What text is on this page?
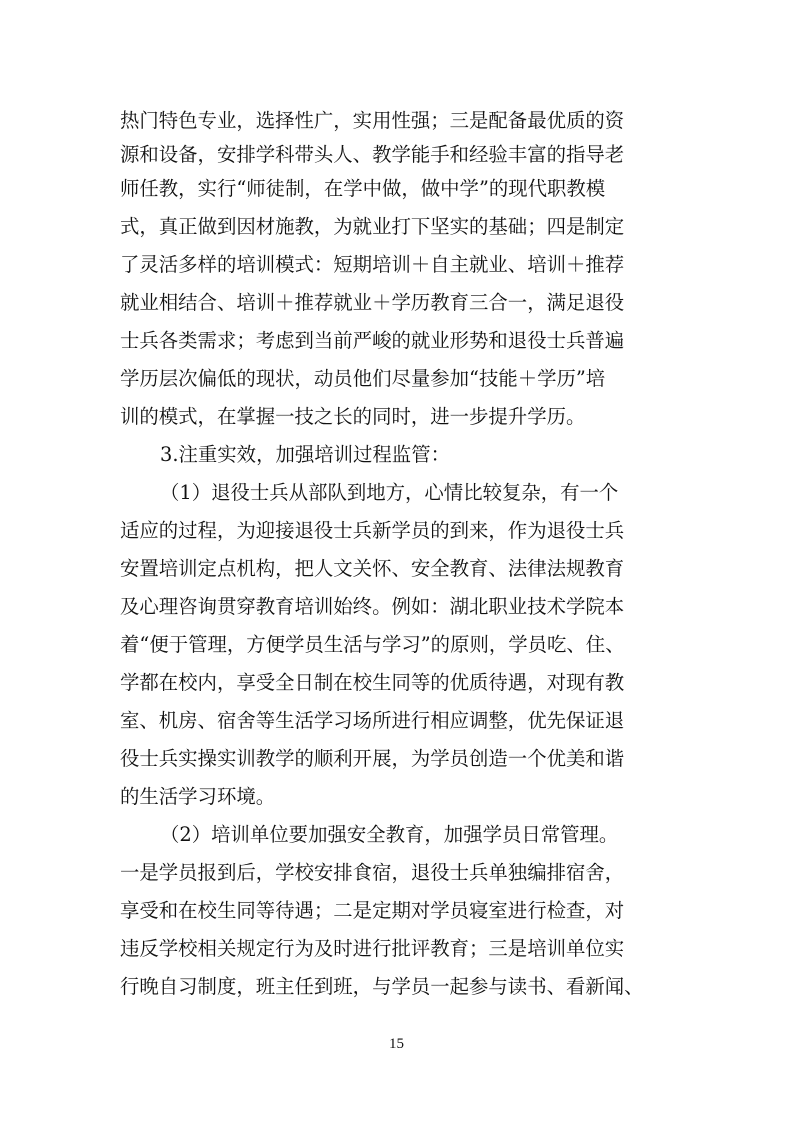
热门特色专业，选择性广，实用性强；三是配备最优质的资
源和设备，安排学科带头人、教学能手和经验丰富的指导老
师任教，实行“师徒制，在学中做，做中学”的现代职教模
式，真正做到因材施教，为就业打下坚实的基础；四是制定
了灵活多样的培训模式：短期培训＋自主就业、培训＋推荐
就业相结合、培训＋推荐就业＋学历教育三合一，满足退役
士兵各类需求；考虑到当前严峻的就业形势和退役士兵普遍
学历层次偏低的现状，动员他们尽量参加“技能＋学历”培
训的模式，在掌握一技之长的同时，进一步提升学历。
3.注重实效，加强培训过程监管：
（1）退役士兵从部队到地方，心情比较复杂，有一个
适应的过程，为迎接退役士兵新学员的到来，作为退役士兵
安置培训定点机构，把人文关怀、安全教育、法律法规教育
及心理咨询贯穿教育培训始终。例如：湖北职业技术学院本
着“便于管理，方便学员生活与学习”的原则，学员吃、住、
学都在校内，享受全日制在校生同等的优质待遇，对现有教
室、机房、宿舍等生活学习场所进行相应调整，优先保证退
役士兵实操实训教学的顺利开展，为学员创造一个优美和谐
的生活学习环境。
（2）培训单位要加强安全教育，加强学员日常管理。
一是学员报到后，学校安排食宿，退役士兵单独编排宿舍，
享受和在校生同等待遇；二是定期对学员寝室进行检查，对
违反学校相关规定行为及时进行批评教育；三是培训单位实
行晚自习制度，班主任到班，与学员一起参与读书、看新闻、
15
